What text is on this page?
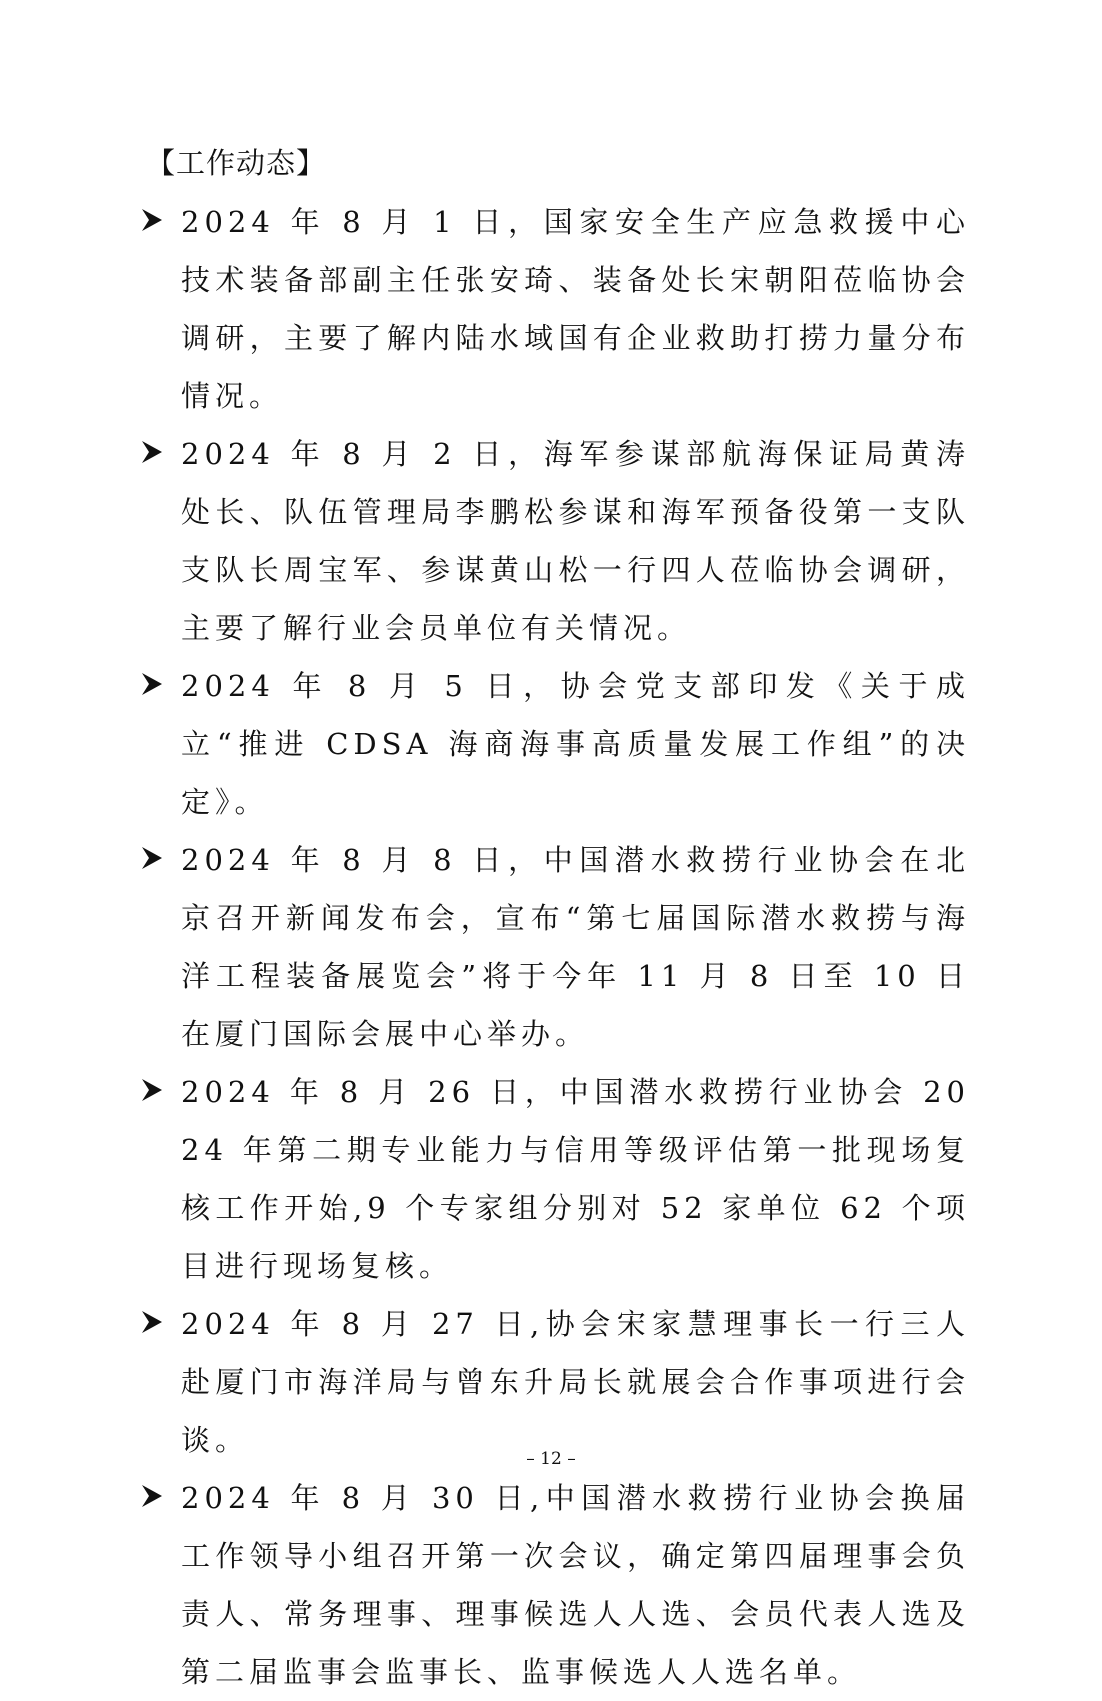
【工作动态】
2024 年 8 月 1 日，国家安全生产应急救援中心技术装备部副主任张安琦、装备处长宋朝阳莅临协会调研，主要了解内陆水域国有企业救助打捞力量分布情况。
2024 年 8 月 2 日，海军参谋部航海保证局黄涛处长、队伍管理局李鹏松参谋和海军预备役第一支队支队长周宝军、参谋黄山松一行四人莅临协会调研，主要了解行业会员单位有关情况。
2024 年 8 月 5 日，协会党支部印发《关于成立“推进 CDSA 海商海事高质量发展工作组”的决定》。
2024 年 8 月 8 日，中国潜水救捞行业协会在北京召开新闻发布会，宣布“第七届国际潜水救捞与海洋工程装备展览会”将于今年 11 月 8 日至 10 日在厦门国际会展中心举办。
2024 年 8 月 26 日，中国潜水救捞行业协会 2024 年第二期专业能力与信用等级评估第一批现场复核工作开始,9 个专家组分别对 52 家单位 62 个项目进行现场复核。
2024 年 8 月 27 日,协会宋家慧理事长一行三人赴厦门市海洋局与曾东升局长就展会合作事项进行会谈。
2024 年 8 月 30 日,中国潜水救捞行业协会换届工作领导小组召开第一次会议，确定第四届理事会负责人、常务理事、理事候选人人选、会员代表人选及第二届监事会监事长、监事候选人人选名单。
– 12 –
